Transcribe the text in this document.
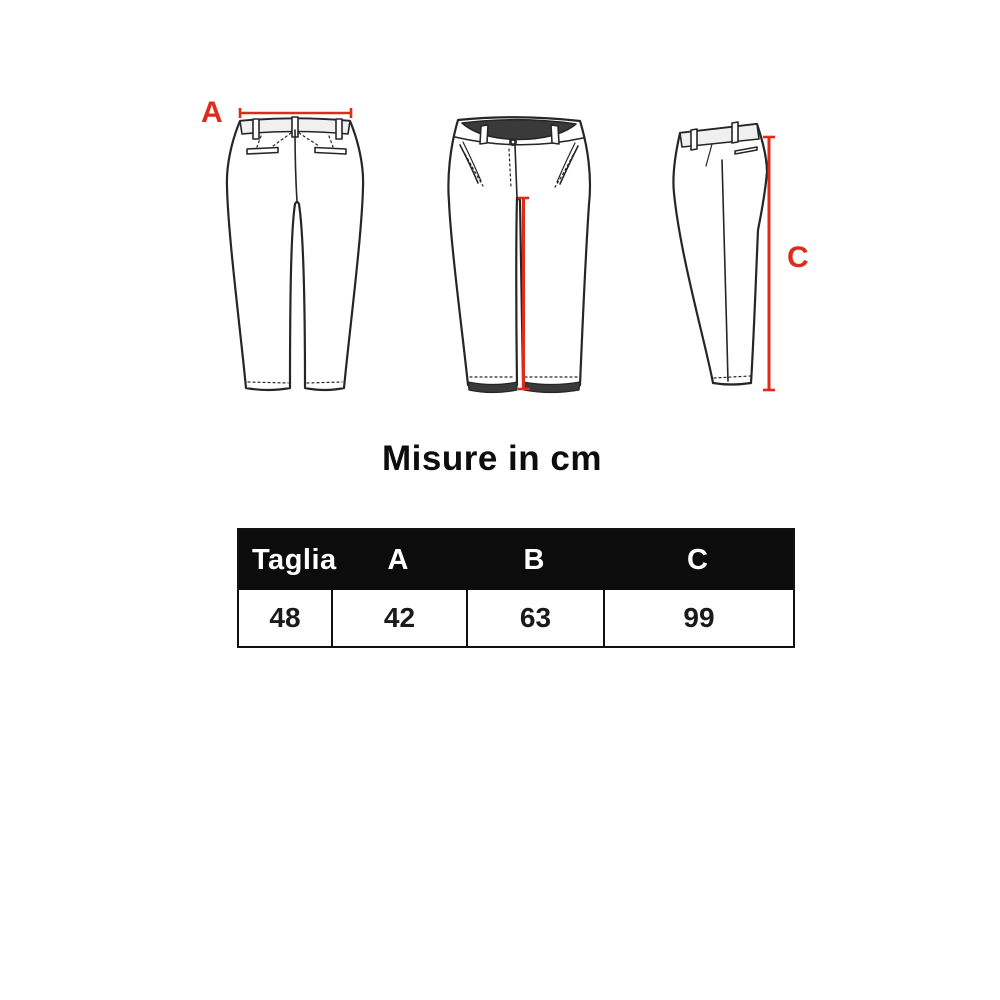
A
C
Misure in cm
Taglia	A	B	C
48	42	63	99
